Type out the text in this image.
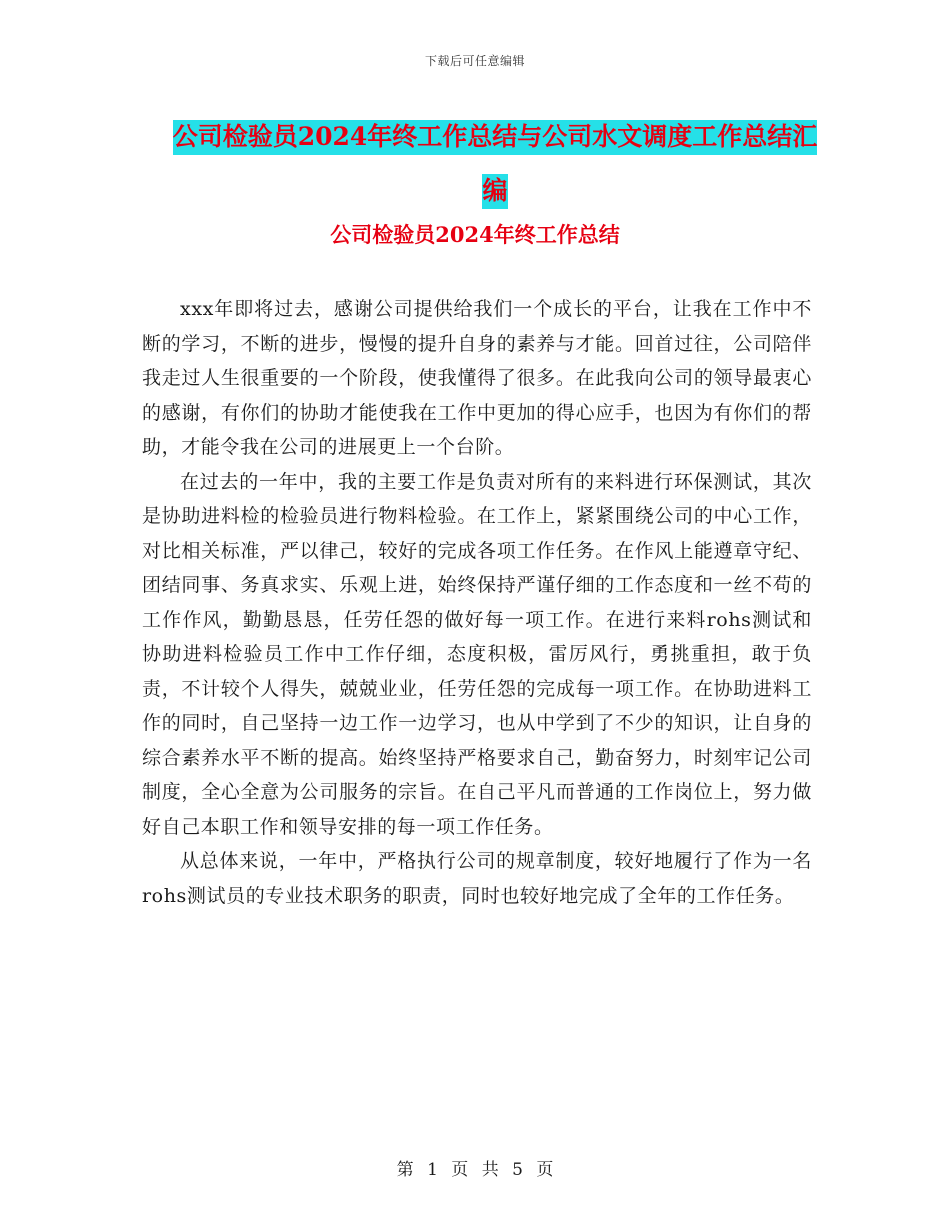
下载后可任意编辑
公司检验员2024年终工作总结与公司水文调度工作总结汇编
公司检验员2024年终工作总结

xxx年即将过去，感谢公司提供给我们一个成长的平台，让我在工作中不断的学习，不断的进步，慢慢的提升自身的素养与才能。回首过往，公司陪伴我走过人生很重要的一个阶段，使我懂得了很多。在此我向公司的领导最衷心的感谢，有你们的协助才能使我在工作中更加的得心应手，也因为有你们的帮助，才能令我在公司的进展更上一个台阶。

在过去的一年中，我的主要工作是负责对所有的来料进行环保测试，其次是协助进料检的检验员进行物料检验。在工作上，紧紧围绕公司的中心工作，对比相关标准，严以律己，较好的完成各项工作任务。在作风上能遵章守纪、团结同事、务真求实、乐观上进，始终保持严谨仔细的工作态度和一丝不苟的工作作风，勤勤恳恳，任劳任怨的做好每一项工作。在进行来料rohs测试和协助进料检验员工作中工作仔细，态度积极，雷厉风行，勇挑重担，敢于负责，不计较个人得失，兢兢业业，任劳任怨的完成每一项工作。在协助进料工作的同时，自己坚持一边工作一边学习，也从中学到了不少的知识，让自身的综合素养水平不断的提高。始终坚持严格要求自己，勤奋努力，时刻牢记公司制度，全心全意为公司服务的宗旨。在自己平凡而普通的工作岗位上，努力做好自己本职工作和领导安排的每一项工作任务。

从总体来说，一年中，严格执行公司的规章制度，较好地履行了作为一名rohs测试员的专业技术职务的职责，同时也较好地完成了全年的工作任务。

第 1 页 共 5 页
